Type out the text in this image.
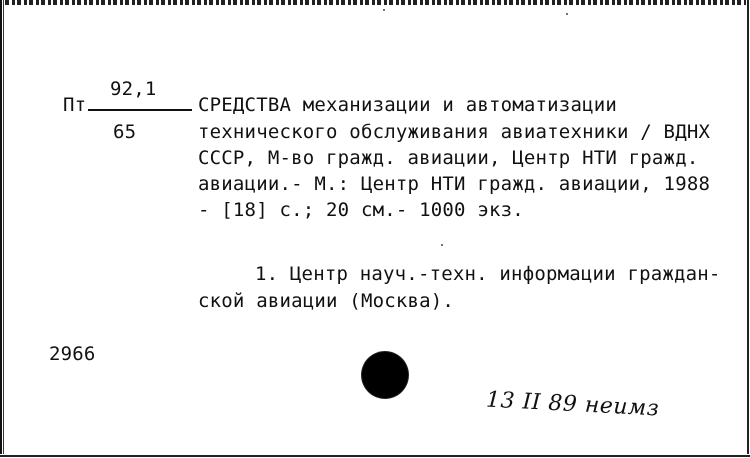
Пт
92,1
65
СРЕДСТВА механизации и автоматизации
технического обслуживания авиатехники / ВДНХ
СССР, М-во гражд. авиации, Центр НТИ гражд.
авиации.- М.: Центр НТИ гражд. авиации, 1988
- [18] с.; 20 см.- 1000 экз.
1. Центр науч.-техн. информации граждан-
ской авиации (Москва).
2966
13 ІІ 89 неимз
